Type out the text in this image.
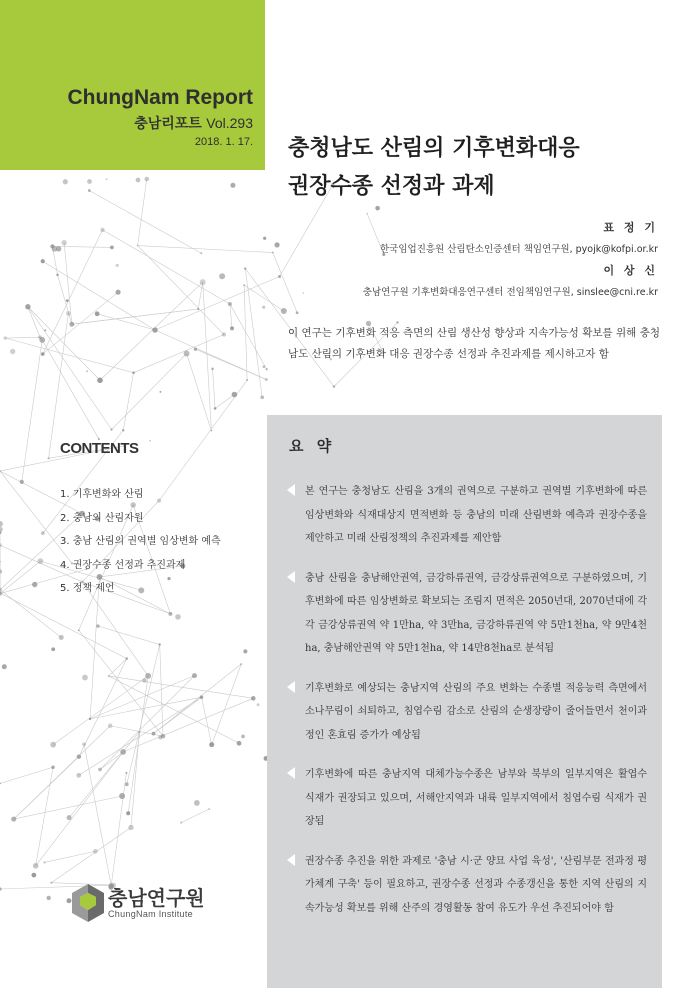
ChungNam Report
충남리포트 Vol.293
2018. 1. 17. 충청남도 산림의 기후변화대응
권장수종 선정과 과제
표 정 기
한국임업진흥원 산림탄소인증센터 책임연구원, pyojk@kofpi.or.kr
이 상 신
충남연구원 기후변화대응연구센터 전임책임연구원, sinslee@cni.re.kr
이 연구는 기후변화 적응 측면의 산림 생산성 향상과 지속가능성 확보를 위해 충청남도 산림의 기후변화 대응 권장수종 선정과 추진과제를 제시하고자 함
CONTENTS
1. 기후변화와 산림
2. 충남의 산림자원
3. 충남 산림의 권역별 임상변화 예측
4. 권장수종 선정과 추진과제
5. 정책 제언
요 약
본 연구는 충청남도 산림을 3개의 권역으로 구분하고 권역별 기후변화에 따른 임상변화와 식재대상지 면적변화 등 충남의 미래 산림변화 예측과 권장수종을 제안하고 미래 산림정책의 추진과제를 제안함
충남 산림을 충남해안권역, 금강하류권역, 금강상류권역으로 구분하였으며, 기후변화에 따른 임상변화로 확보되는 조림지 면적은 2050년대, 2070년대에 각각 금강상류권역 약 1만ha, 약 3만ha, 금강하류권역 약 5만1천ha, 약 9만4천ha, 충남해안권역 약 5만1천ha, 약 14만8천ha로 분석됨
기후변화로 예상되는 충남지역 산림의 주요 변화는 수종별 적응능력 측면에서 소나무림이 쇠퇴하고, 침엽수림 감소로 산림의 순생장량이 줄어들면서 천이과정인 혼효림 증가가 예상됨
기후변화에 따른 충남지역 대체가능수종은 남부와 북부의 일부지역은 활엽수 식재가 권장되고 있으며, 서해안지역과 내륙 일부지역에서 침엽수림 식재가 권장됨
권장수종 추진을 위한 과제로 '충남 시·군 양묘 사업 육성', '산림부문 전과정 평가체계 구축' 등이 필요하고, 권장수종 선정과 수종갱신을 통한 지역 산림의 지속가능성 확보를 위해 산주의 경영활동 참여 유도가 우선 추진되어야 함
충남연구원
ChungNam Institute
